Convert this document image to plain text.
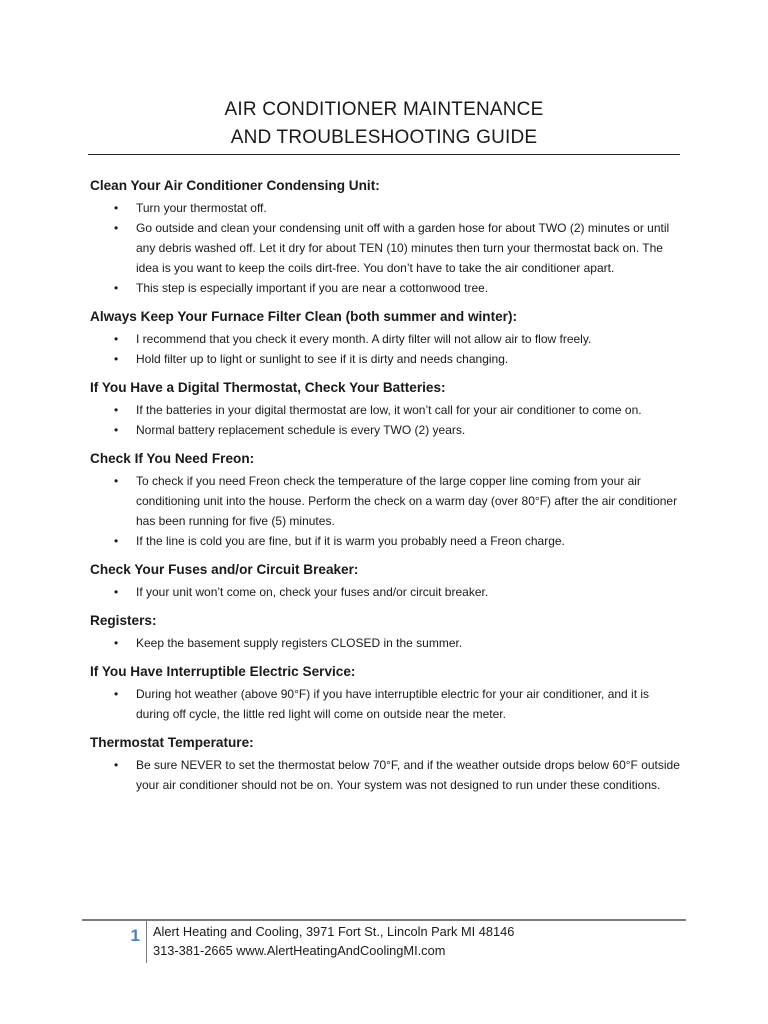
AIR CONDITIONER MAINTENANCE
AND TROUBLESHOOTING GUIDE
Clean Your Air Conditioner Condensing Unit:
• Turn your thermostat off.
• Go outside and clean your condensing unit off with a garden hose for about TWO (2) minutes or until any debris washed off. Let it dry for about TEN (10) minutes then turn your thermostat back on. The idea is you want to keep the coils dirt-free. You don’t have to take the air conditioner apart.
• This step is especially important if you are near a cottonwood tree.
Always Keep Your Furnace Filter Clean (both summer and winter):
• I recommend that you check it every month. A dirty filter will not allow air to flow freely.
• Hold filter up to light or sunlight to see if it is dirty and needs changing.
If You Have a Digital Thermostat, Check Your Batteries:
• If the batteries in your digital thermostat are low, it won’t call for your air conditioner to come on.
• Normal battery replacement schedule is every TWO (2) years.
Check If You Need Freon:
• To check if you need Freon check the temperature of the large copper line coming from your air conditioning unit into the house. Perform the check on a warm day (over 80°F) after the air conditioner has been running for five (5) minutes.
• If the line is cold you are fine, but if it is warm you probably need a Freon charge.
Check Your Fuses and/or Circuit Breaker:
• If your unit won’t come on, check your fuses and/or circuit breaker.
Registers:
• Keep the basement supply registers CLOSED in the summer.
If You Have Interruptible Electric Service:
• During hot weather (above 90°F) if you have interruptible electric for your air conditioner, and it is during off cycle, the little red light will come on outside near the meter.
Thermostat Temperature:
• Be sure NEVER to set the thermostat below 70°F, and if the weather outside drops below 60°F outside your air conditioner should not be on. Your system was not designed to run under these conditions.
1 Alert Heating and Cooling, 3971 Fort St., Lincoln Park MI 48146
313-381-2665 www.AlertHeatingAndCoolingMI.com
